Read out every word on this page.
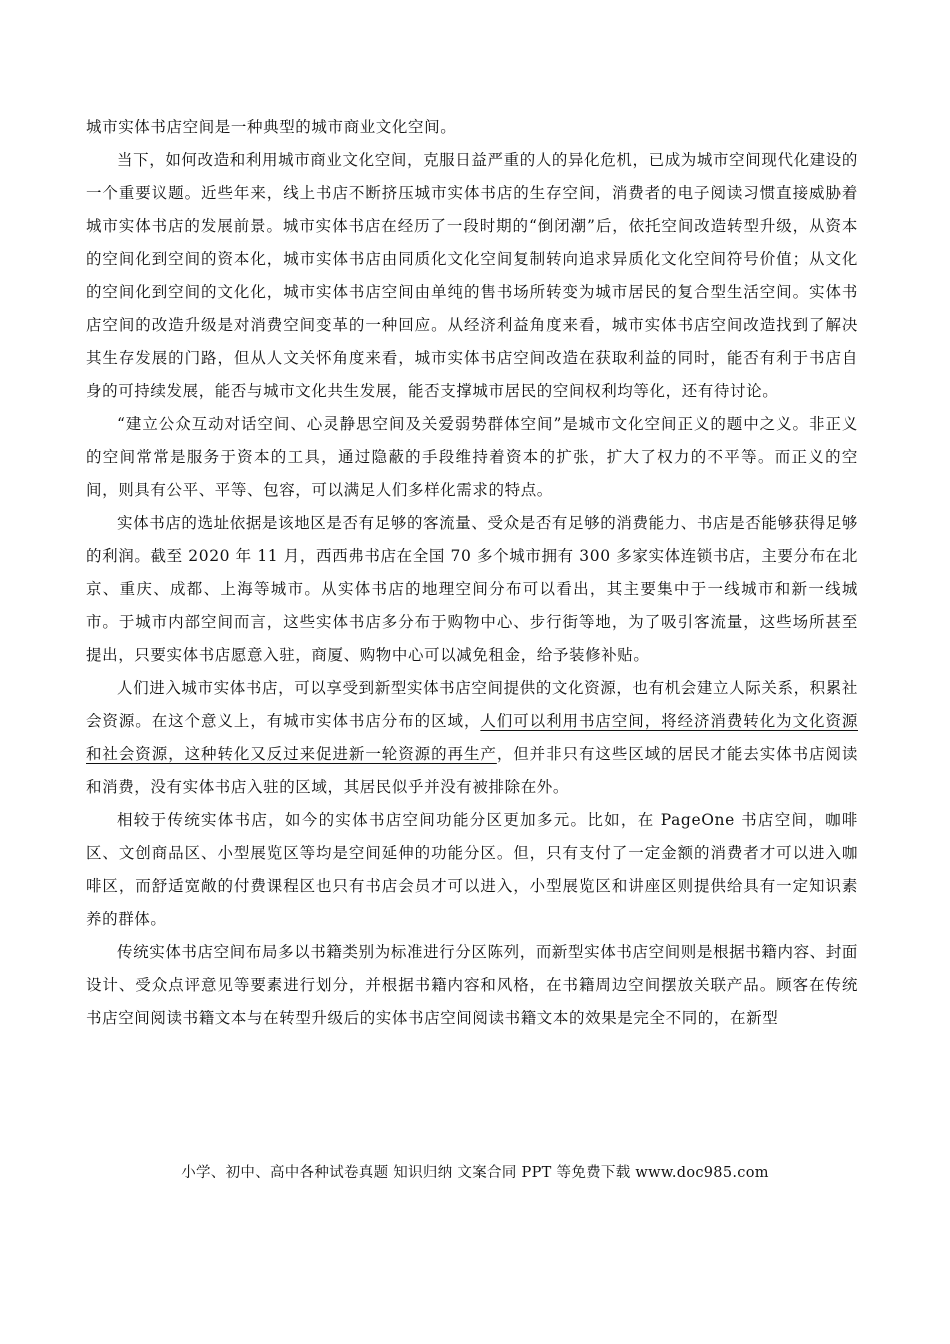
城市实体书店空间是一种典型的城市商业文化空间。

当下，如何改造和利用城市商业文化空间，克服日益严重的人的异化危机，已成为城市空间现代化建设的一个重要议题。近些年来，线上书店不断挤压城市实体书店的生存空间，消费者的电子阅读习惯直接威胁着城市实体书店的发展前景。城市实体书店在经历了一段时期的“倒闭潮”后，依托空间改造转型升级，从资本的空间化到空间的资本化，城市实体书店由同质化文化空间复制转向追求异质化文化空间符号价值；从文化的空间化到空间的文化化，城市实体书店空间由单纯的售书场所转变为城市居民的复合型生活空间。实体书店空间的改造升级是对消费空间变革的一种回应。从经济利益角度来看，城市实体书店空间改造找到了解决其生存发展的门路，但从人文关怀角度来看，城市实体书店空间改造在获取利益的同时，能否有利于书店自身的可持续发展，能否与城市文化共生发展，能否支撑城市居民的空间权利均等化，还有待讨论。

“建立公众互动对话空间、心灵静思空间及关爱弱势群体空间”是城市文化空间正义的题中之义。非正义的空间常常是服务于资本的工具，通过隐蔽的手段维持着资本的扩张，扩大了权力的不平等。而正义的空间，则具有公平、平等、包容，可以满足人们多样化需求的特点。

实体书店的选址依据是该地区是否有足够的客流量、受众是否有足够的消费能力、书店是否能够获得足够的利润。截至 2020 年 11 月，西西弗书店在全国 70 多个城市拥有 300 多家实体连锁书店，主要分布在北京、重庆、成都、上海等城市。从实体书店的地理空间分布可以看出，其主要集中于一线城市和新一线城市。于城市内部空间而言，这些实体书店多分布于购物中心、步行街等地，为了吸引客流量，这些场所甚至提出，只要实体书店愿意入驻，商厦、购物中心可以减免租金，给予装修补贴。

人们进入城市实体书店，可以享受到新型实体书店空间提供的文化资源，也有机会建立人际关系，积累社会资源。在这个意义上，有城市实体书店分布的区域，人们可以利用书店空间，将经济消费转化为文化资源和社会资源，这种转化又反过来促进新一轮资源的再生产，但并非只有这些区域的居民才能去实体书店阅读和消费，没有实体书店入驻的区域，其居民似乎并没有被排除在外。

相较于传统实体书店，如今的实体书店空间功能分区更加多元。比如，在 PageOne 书店空间，咖啡区、文创商品区、小型展览区等均是空间延伸的功能分区。但，只有支付了一定金额的消费者才可以进入咖啡区，而舒适宽敞的付费课程区也只有书店会员才可以进入，小型展览区和讲座区则提供给具有一定知识素养的群体。

传统实体书店空间布局多以书籍类别为标准进行分区陈列，而新型实体书店空间则是根据书籍内容、封面设计、受众点评意见等要素进行划分，并根据书籍内容和风格，在书籍周边空间摆放关联产品。顾客在传统书店空间阅读书籍文本与在转型升级后的实体书店空间阅读书籍文本的效果是完全不同的，在新型

小学、初中、高中各种试卷真题 知识归纳 文案合同 PPT 等免费下载 www.doc985.com
